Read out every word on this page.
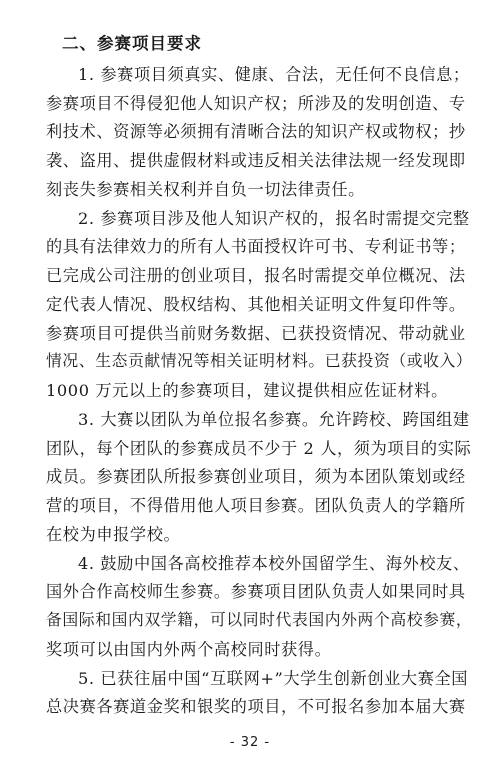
二、参赛项目要求
- 32 -
1. 参赛项目须真实、健康、合法，无任何不良信息；
参赛项目不得侵犯他人知识产权；所涉及的发明创造、专
利技术、资源等必须拥有清晰合法的知识产权或物权；抄
袭、盗用、提供虚假材料或违反相关法律法规一经发现即
刻丧失参赛相关权利并自负一切法律责任。
2. 参赛项目涉及他人知识产权的，报名时需提交完整
的具有法律效力的所有人书面授权许可书、专利证书等；
已完成公司注册的创业项目，报名时需提交单位概况、法
定代表人情况、股权结构、其他相关证明文件复印件等。
参赛项目可提供当前财务数据、已获投资情况、带动就业
情况、生态贡献情况等相关证明材料。已获投资（或收入）
1000 万元以上的参赛项目，建议提供相应佐证材料。
3. 大赛以团队为单位报名参赛。允许跨校、跨国组建
团队，每个团队的参赛成员不少于 2 人，须为项目的实际
成员。参赛团队所报参赛创业项目，须为本团队策划或经
营的项目，不得借用他人项目参赛。团队负责人的学籍所
在校为申报学校。
4. 鼓励中国各高校推荐本校外国留学生、海外校友、
国外合作高校师生参赛。参赛项目团队负责人如果同时具
备国际和国内双学籍，可以同时代表国内外两个高校参赛，
奖项可以由国内外两个高校同时获得。
5. 已获往届中国“互联网+”大学生创新创业大赛全国
总决赛各赛道金奖和银奖的项目，不可报名参加本届大赛
